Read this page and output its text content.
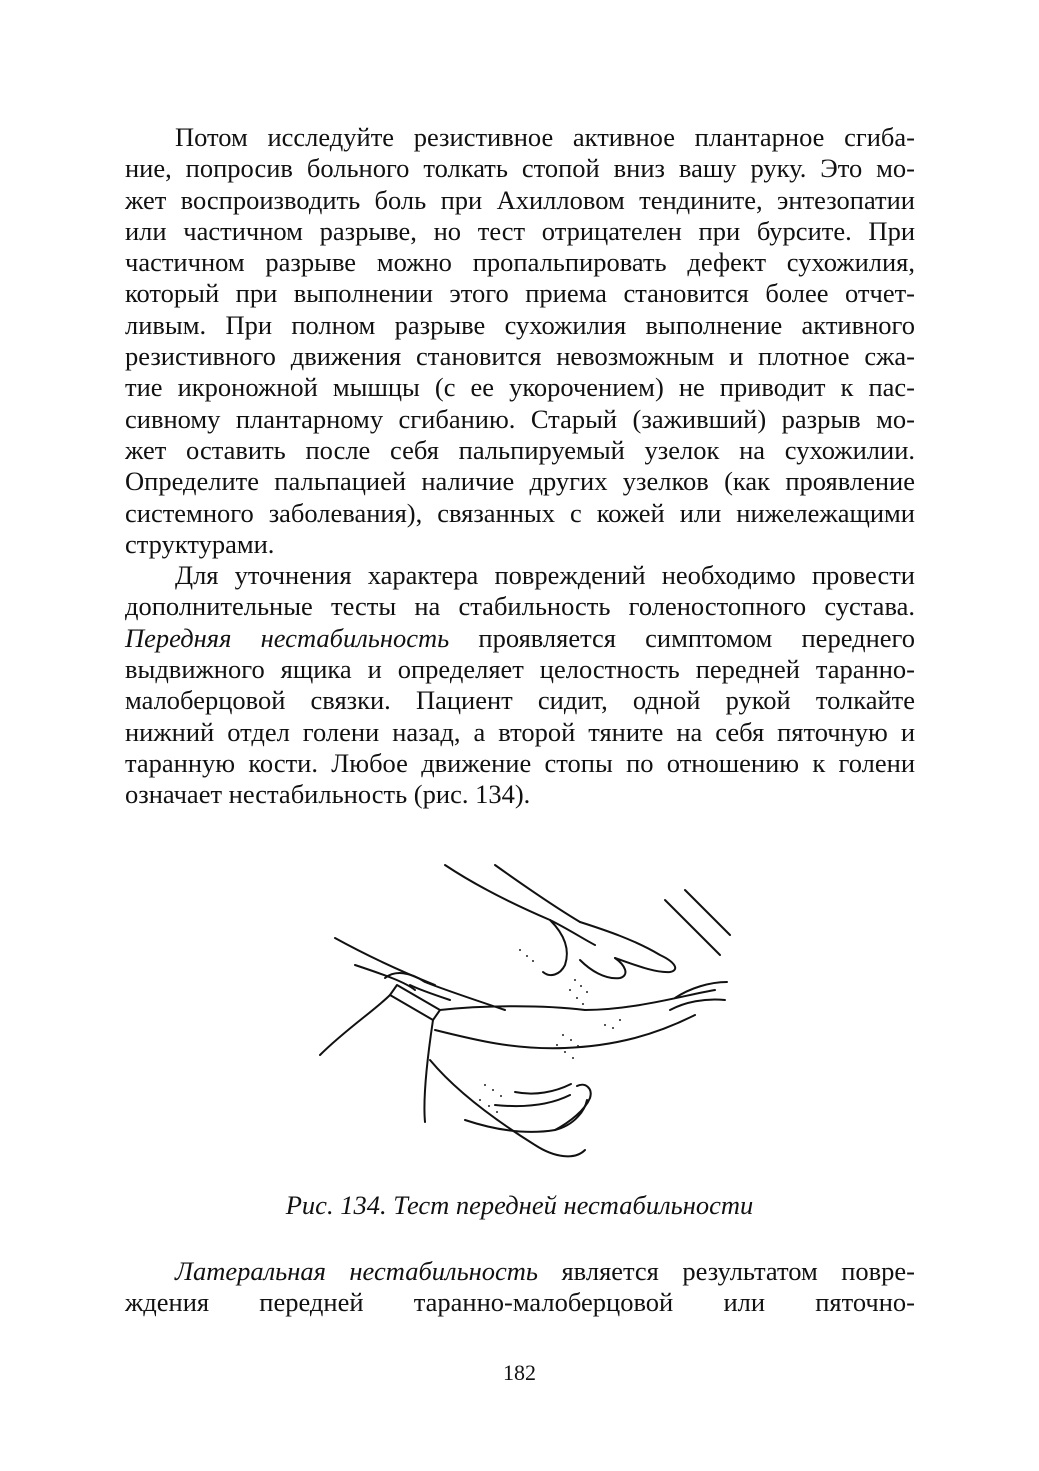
Потом исследуйте резистивное активное плантарное сгиба-
ние, попросив больного толкать стопой вниз вашу руку. Это мо-
жет воспроизводить боль при Ахилловом тендините, энтезопатии
или частичном разрыве, но тест отрицателен при бурсите. При
частичном разрыве можно пропальпировать дефект сухожилия,
который при выполнении этого приема становится более отчет-
ливым. При полном разрыве сухожилия выполнение активного
резистивного движения становится невозможным и плотное сжа-
тие икроножной мышцы (с ее укорочением) не приводит к пас-
сивному плантарному сгибанию. Старый (заживший) разрыв мо-
жет оставить после себя пальпируемый узелок на сухожилии.
Определите пальпацией наличие других узелков (как проявление
системного заболевания), связанных с кожей или нижележащими
структурами.

Для уточнения характера повреждений необходимо провести
дополнительные тесты на стабильность голеностопного сустава.
Передняя нестабильность проявляется симптомом переднего
выдвижного ящика и определяет целостность передней таранно-
малоберцовой связки. Пациент сидит, одной рукой толкайте
нижний отдел голени назад, а второй тяните на себя пяточную и
таранную кости. Любое движение стопы по отношению к голени
означает нестабильность (рис. 134).

Рис. 134. Тест передней нестабильности
Латеральная нестабильность является результатом повре-
ждения передней таранно-малоберцовой или пяточно-
182
